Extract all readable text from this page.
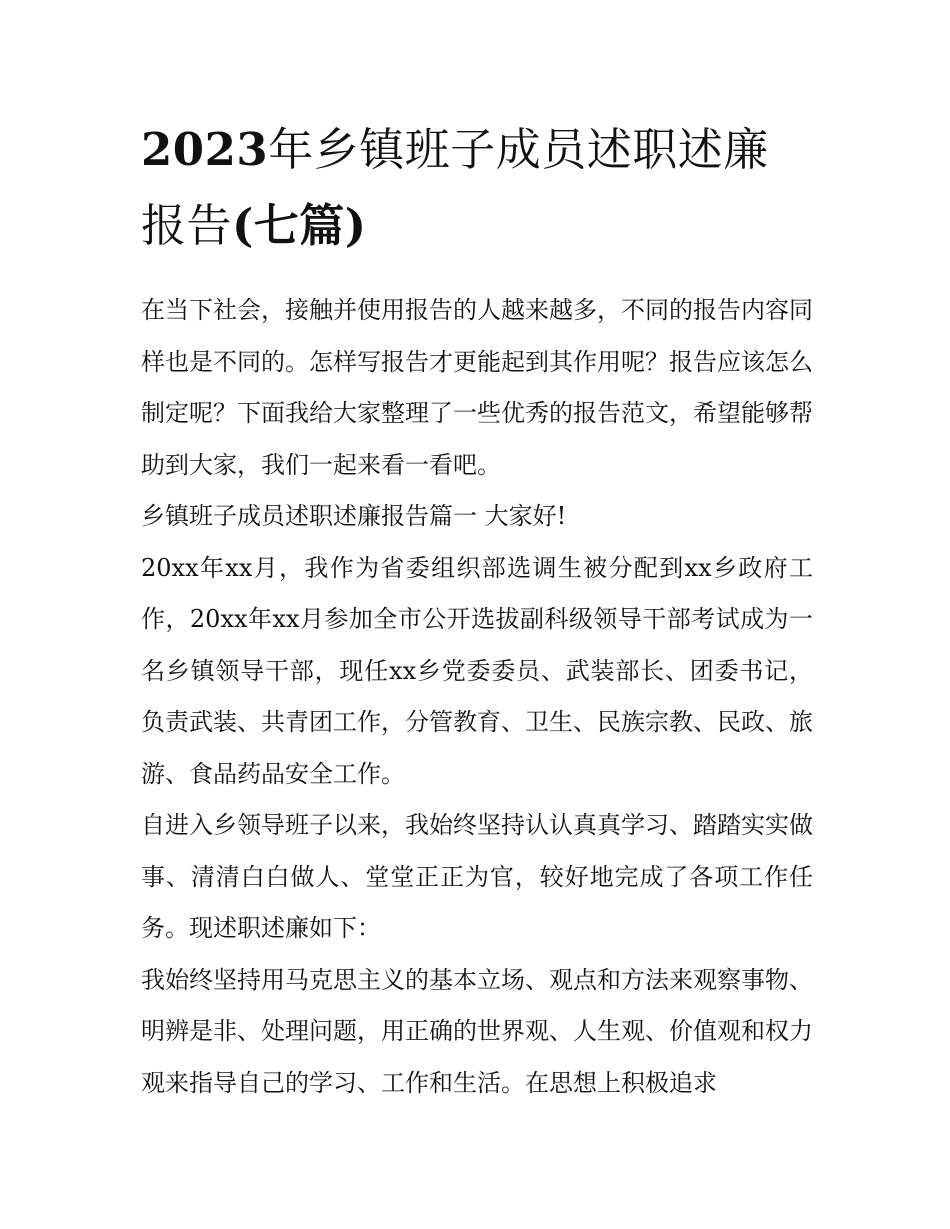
2023年乡镇班子成员述职述廉
报告(七篇)

在当下社会，接触并使用报告的人越来越多，不同的报告内容同样也是不同的。怎样写报告才更能起到其作用呢？报告应该怎么制定呢？下面我给大家整理了一些优秀的报告范文，希望能够帮助到大家，我们一起来看一看吧。

乡镇班子成员述职述廉报告篇一 大家好!

20xx年xx月，我作为省委组织部选调生被分配到xx乡政府工作，20xx年xx月参加全市公开选拔副科级领导干部考试成为一名乡镇领导干部，现任xx乡党委委员、武装部长、团委书记，负责武装、共青团工作，分管教育、卫生、民族宗教、民政、旅游、食品药品安全工作。

自进入乡领导班子以来，我始终坚持认认真真学习、踏踏实实做事、清清白白做人、堂堂正正为官，较好地完成了各项工作任务。现述职述廉如下：

我始终坚持用马克思主义的基本立场、观点和方法来观察事物、明辨是非、处理问题，用正确的世界观、人生观、价值观和权力观来指导自己的学习、工作和生活。在思想上积极追求
